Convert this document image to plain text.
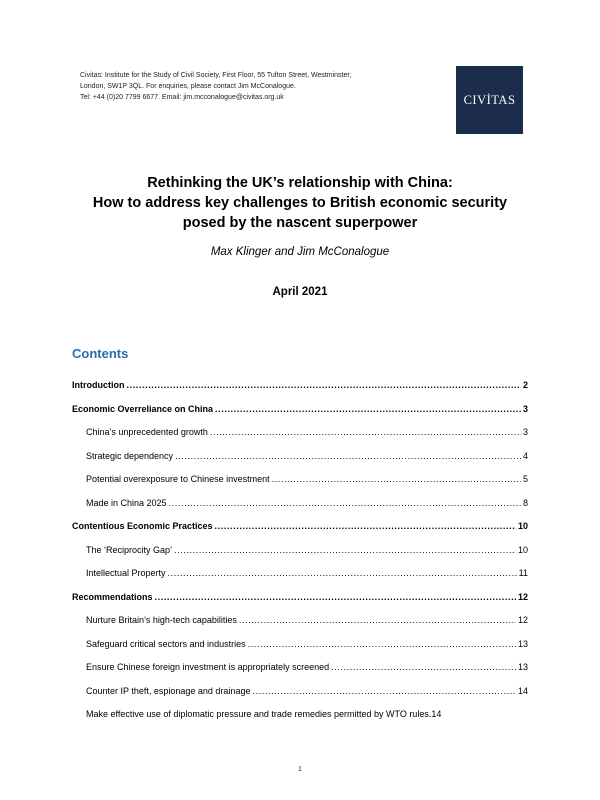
Civitas: Institute for the Study of Civil Society, First Floor, 55 Tufton Street, Westminster,
London, SW1P 3QL. For enquiries, please contact Jim McConalogue.
Tel: +44 (0)20 7799 6677. Email: jim.mcconalogue@civitas.org.uk	CIVİTAS
Rethinking the UK’s relationship with China:
How to address key challenges to British economic security
posed by the nascent superpower
Max Klinger and Jim McConalogue
April 2021
Contents
Introduction .....	2
Economic Overreliance on China .....	3
China’s unprecedented growth .....	3
Strategic dependency .....	4
Potential overexposure to Chinese investment .....	5
Made in China 2025 .....	8
Contentious Economic Practices .....	10
The ‘Reciprocity Gap’ .....	10
Intellectual Property .....	11
Recommendations .....	12
Nurture Britain’s high-tech capabilities .....	12
Safeguard critical sectors and industries .....	13
Ensure Chinese foreign investment is appropriately screened .....	13
Counter IP theft, espionage and drainage .....	14
Make effective use of diplomatic pressure and trade remedies permitted by WTO rules. 14
1
